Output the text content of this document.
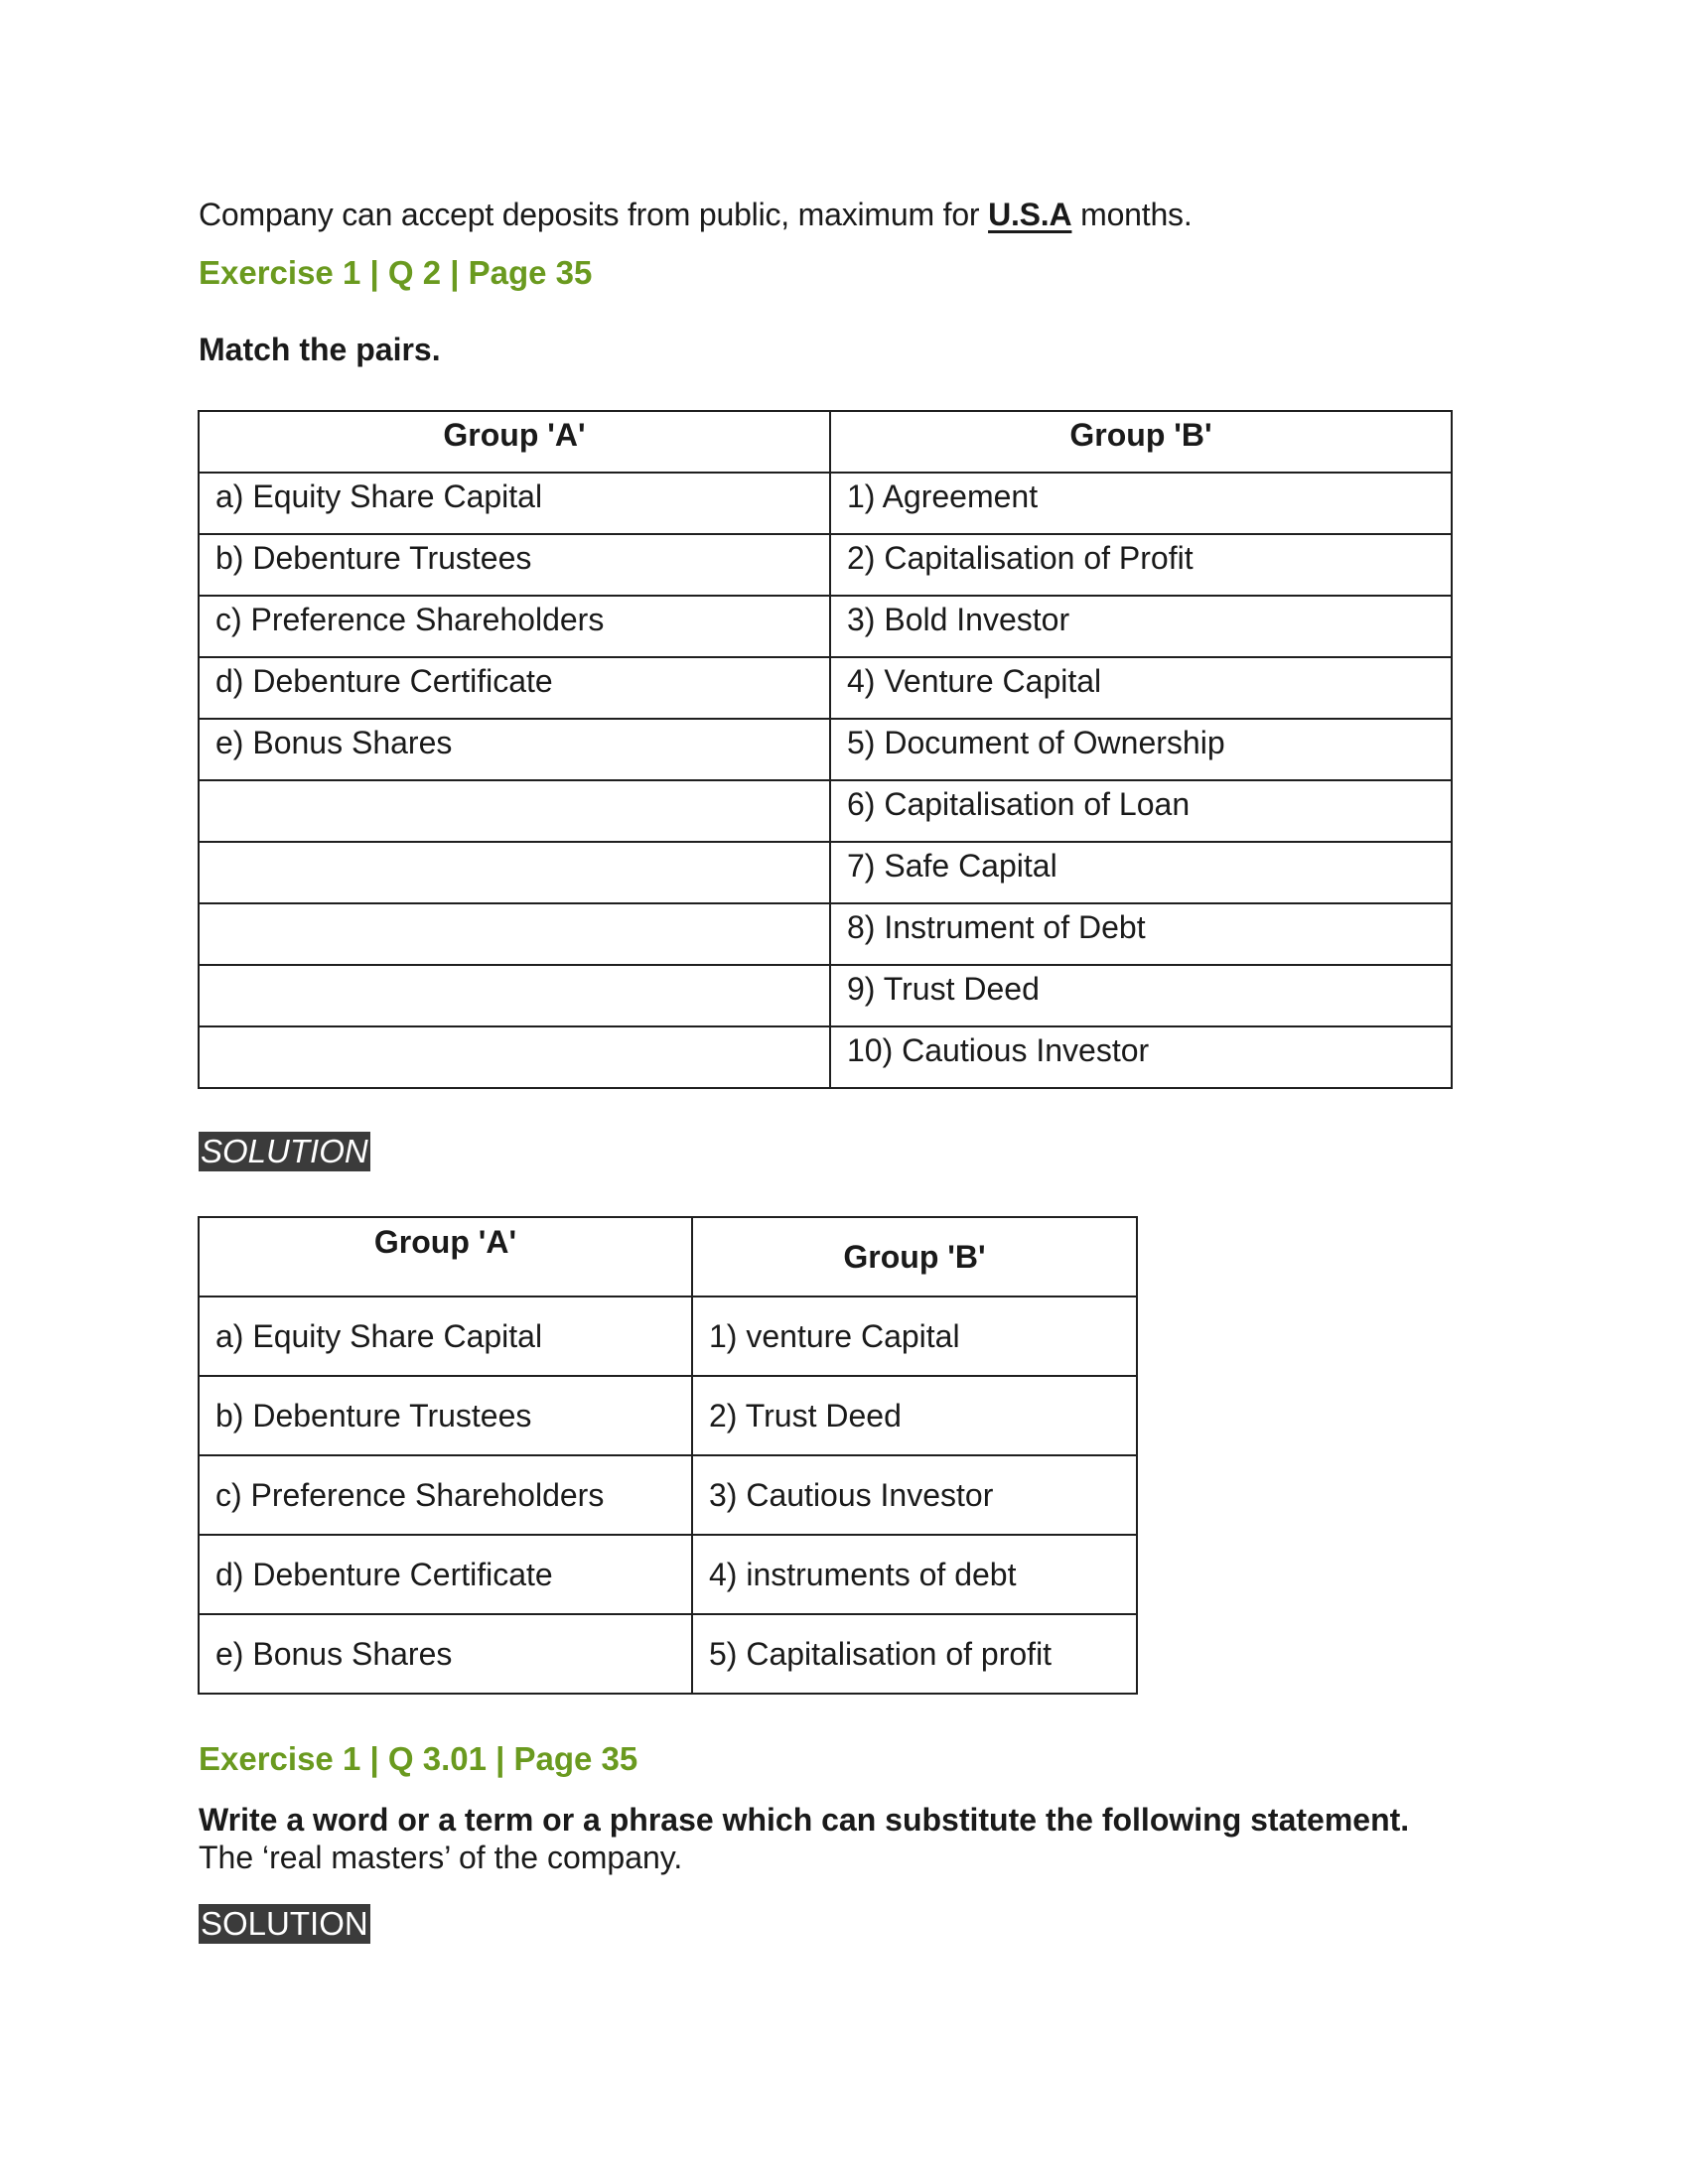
Company can accept deposits from public, maximum for U.S.A months.
Exercise 1 | Q 2 | Page 35
Match the pairs.
Group 'A'	Group 'B'
a) Equity Share Capital	1) Agreement
b) Debenture Trustees	2) Capitalisation of Profit
c) Preference Shareholders	3) Bold Investor
d) Debenture Certificate	4) Venture Capital
e) Bonus Shares	5) Document of Ownership
	6) Capitalisation of Loan
	7) Safe Capital
	8) Instrument of Debt
	9) Trust Deed
	10) Cautious Investor
SOLUTION
Group 'A'	Group 'B'
a) Equity Share Capital	1) venture Capital
b) Debenture Trustees	2) Trust Deed
c) Preference Shareholders	3) Cautious Investor
d) Debenture Certificate	4) instruments of debt
e) Bonus Shares	5) Capitalisation of profit
Exercise 1 | Q 3.01 | Page 35
Write a word or a term or a phrase which can substitute the following statement.
The ‘real masters’ of the company.
SOLUTION
